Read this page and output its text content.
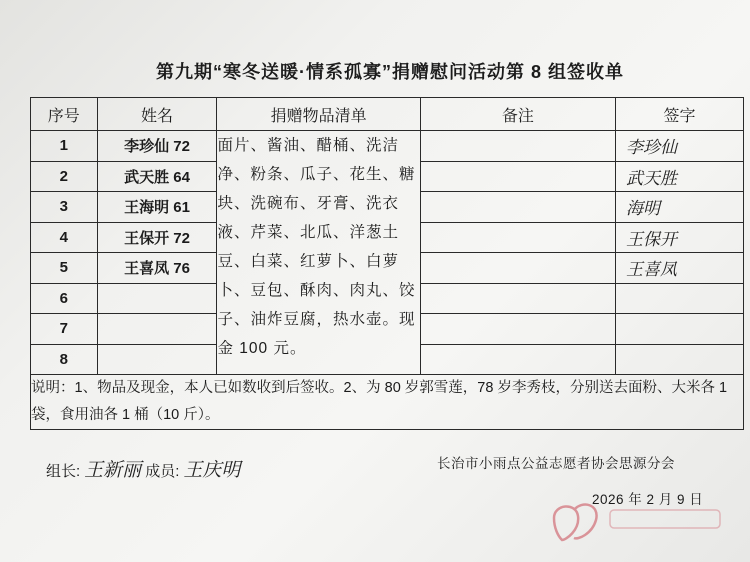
第九期“寒冬送暖·情系孤寡”捐赠慰问活动第 8 组签收单
序号	姓名	捐赠物品清单	备注	签字
1	李珍仙 72	面片、酱油、醋桶、洗洁净、粉条、瓜子、花生、糖块、洗碗布、牙膏、洗衣液、芹菜、北瓜、洋葱土豆、白菜、红萝卜、白萝卜、豆包、酥肉、肉丸、饺子、油炸豆腐，热水壶。现金 100 元。		李珍仙

2	武天胜 64			武天胜

3	王海明 61			海明

4	王保开 72			王保开

5	王喜凤 76			王喜凤

6				
7				
8				
说明：1、物品及现金，本人已如数收到后签收。2、为 80 岁郭雪莲，78 岁李秀枝，分别送去面粉、大米各 1 袋，食用油各 1 桶（10 斤）。				
组长: 王新丽 成员: 王庆明	长治市小雨点公益志愿者协会思源分会
2026 年 2 月 9 日
